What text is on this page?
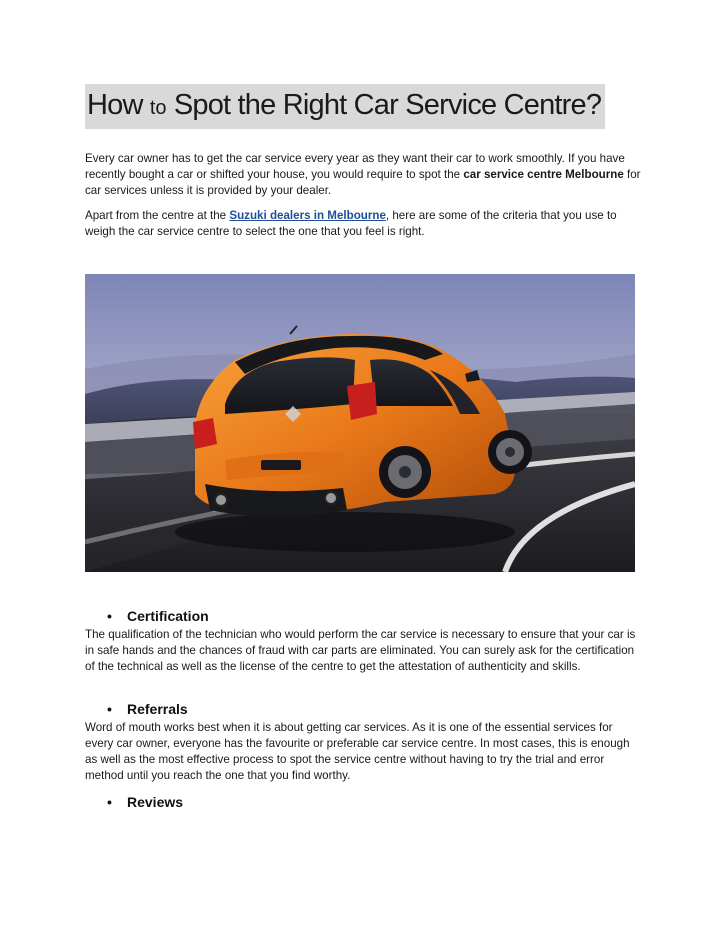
How to Spot the Right Car Service Centre?

Every car owner has to get the car service every year as they want their car to work smoothly. If you have recently bought a car or shifted your house, you would require to spot the car service centre Melbourne for car services unless it is provided by your dealer.

Apart from the centre at the Suzuki dealers in Melbourne, here are some of the criteria that you use to weigh the car service centre to select the one that you feel is right.

• Certification

The qualification of the technician who would perform the car service is necessary to ensure that your car is in safe hands and the chances of fraud with car parts are eliminated. You can surely ask for the certification of the technical as well as the license of the centre to get the attestation of authenticity and skills.

• Referrals

Word of mouth works best when it is about getting car services. As it is one of the essential services for every car owner, everyone has the favourite or preferable car service centre. In most cases, this is enough as well as the most effective process to spot the service centre without having to try the trial and error method until you reach the one that you find worthy.

• Reviews
